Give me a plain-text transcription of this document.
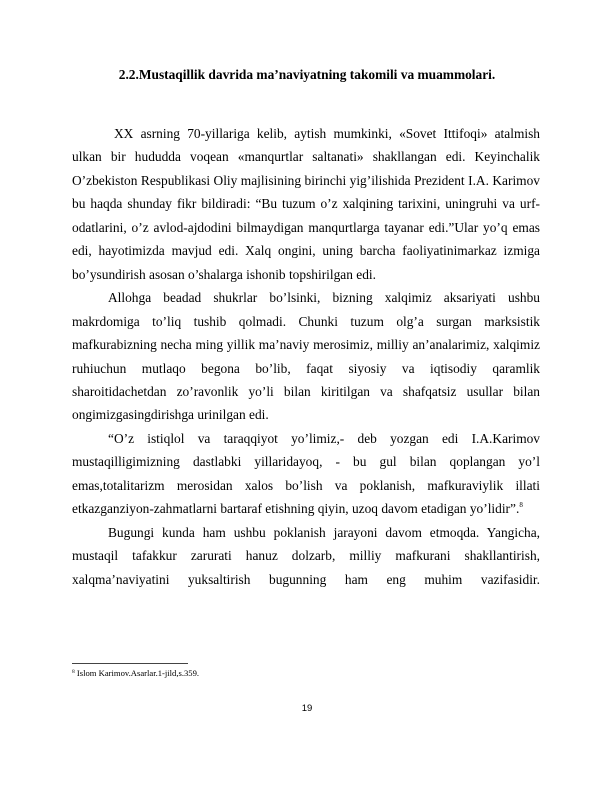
2.2.Mustaqillik davrida ma’naviyatning takomili va muammolari.

XX asrning 70-yillariga kelib, aytish mumkinki, «Sovet Ittifoqi» atalmish ulkan bir hududda voqean «manqurtlar saltanati» shakllangan edi. Keyinchalik O’zbekiston Respublikasi Oliy majlisining birinchi yig’ilishida Prezident I.A. Karimov bu haqda shunday fikr bildiradi: “Bu tuzum o’z xalqining tarixini, uningruhi va urf-odatlarini, o’z avlod-ajdodini bilmaydigan manqurtlarga tayanar edi.”Ular yo’q emas edi, hayotimizda mavjud edi. Xalq ongini, uning barcha faoliyatinimarkaz izmiga bo’ysundirish asosan o’shalarga ishonib topshirilgan edi.

Allohga beadad shukrlar bo’lsinki, bizning xalqimiz aksariyati ushbu makrdomiga to’liq tushib qolmadi. Chunki tuzum olg’a surgan marksistik mafkurabizning necha ming yillik ma’naviy merosimiz, milliy an’analarimiz, xalqimiz ruhiuchun mutlaqo begona bo’lib, faqat siyosiy va iqtisodiy qaramlik sharoitidachetdan zo’ravonlik yo’li bilan kiritilgan va shafqatsiz usullar bilan ongimizgasingdirishga urinilgan edi.

“O’z istiqlol va taraqqiyot yo’limiz,- deb yozgan edi I.A.Karimov mustaqilligimizning dastlabki yillaridayoq, - bu gul bilan qoplangan yo’l emas,totalitarizm merosidan xalos bo’lish va poklanish, mafkuraviylik illati etkazganziyon-zahmatlarni bartaraf etishning qiyin, uzoq davom etadigan yo’lidir”.$^8$

Bugungi kunda ham ushbu poklanish jarayoni davom etmoqda. Yangicha, mustaqil tafakkur zarurati hanuz dolzarb, milliy mafkurani shakllantirish, xalqma’naviyatini yuksaltirish bugunning ham eng muhim vazifasidir.

$^8$ Islom Karimov.Asarlar.1-jild,s.359.
19
